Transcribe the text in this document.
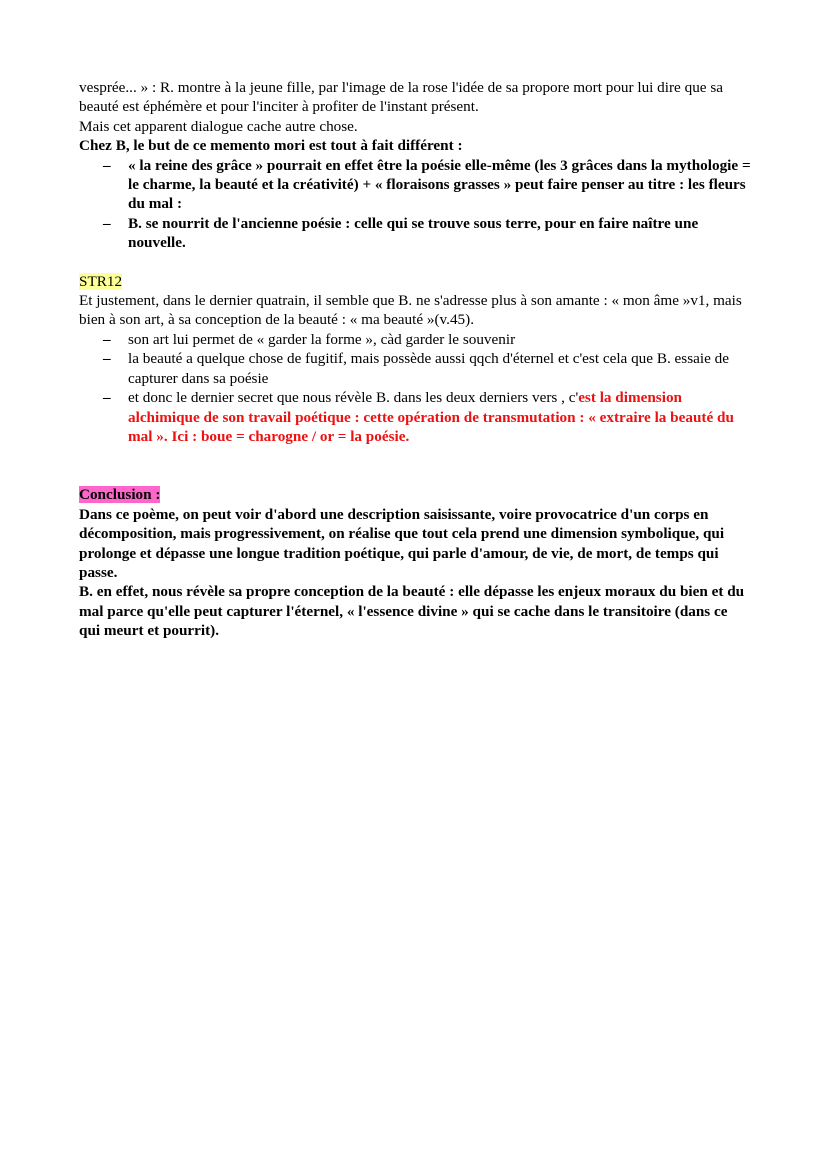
vesprée... » : R. montre à la jeune fille, par l'image de la rose l'idée de sa propore mort pour lui dire que sa beauté est éphémère et pour l'inciter à profiter de l'instant présent.

Mais cet apparent dialogue cache autre chose.

Chez B, le but de ce memento mori est tout à fait différent :

– « la reine des grâce » pourrait en effet être la poésie elle-même (les 3 grâces dans la mythologie = le charme, la beauté et la créativité) + « floraisons grasses » peut faire penser au titre : les fleurs du mal :
– B. se nourrit de l'ancienne poésie : celle qui se trouve sous terre, pour en faire naître une nouvelle.

STR12

Et justement, dans le dernier quatrain, il semble que B. ne s'adresse plus à son amante : « mon âme »v1, mais bien à son art, à sa conception de la beauté : « ma beauté »(v.45).

– son art lui permet de « garder la forme », càd garder le souvenir
– la beauté a quelque chose de fugitif, mais possède aussi qqch d'éternel et c'est cela que B. essaie de capturer dans sa poésie
– et donc le dernier secret que nous révèle B. dans les deux derniers vers , c'est la dimension alchimique de son travail poétique : cette opération de transmutation : « extraire la beauté du mal ». Ici : boue = charogne / or = la poésie.

Conclusion :

Dans ce poème, on peut voir d'abord une description saisissante, voire provocatrice d'un corps en décomposition, mais progressivement, on réalise que tout cela prend une dimension symbolique, qui prolonge et dépasse une longue tradition poétique, qui parle d'amour, de vie, de mort, de temps qui passe.

B. en effet, nous révèle sa propre conception de la beauté : elle dépasse les enjeux moraux du bien et du mal parce qu'elle peut capturer l'éternel, « l'essence divine » qui se cache dans le transitoire (dans ce qui meurt et pourrit).
